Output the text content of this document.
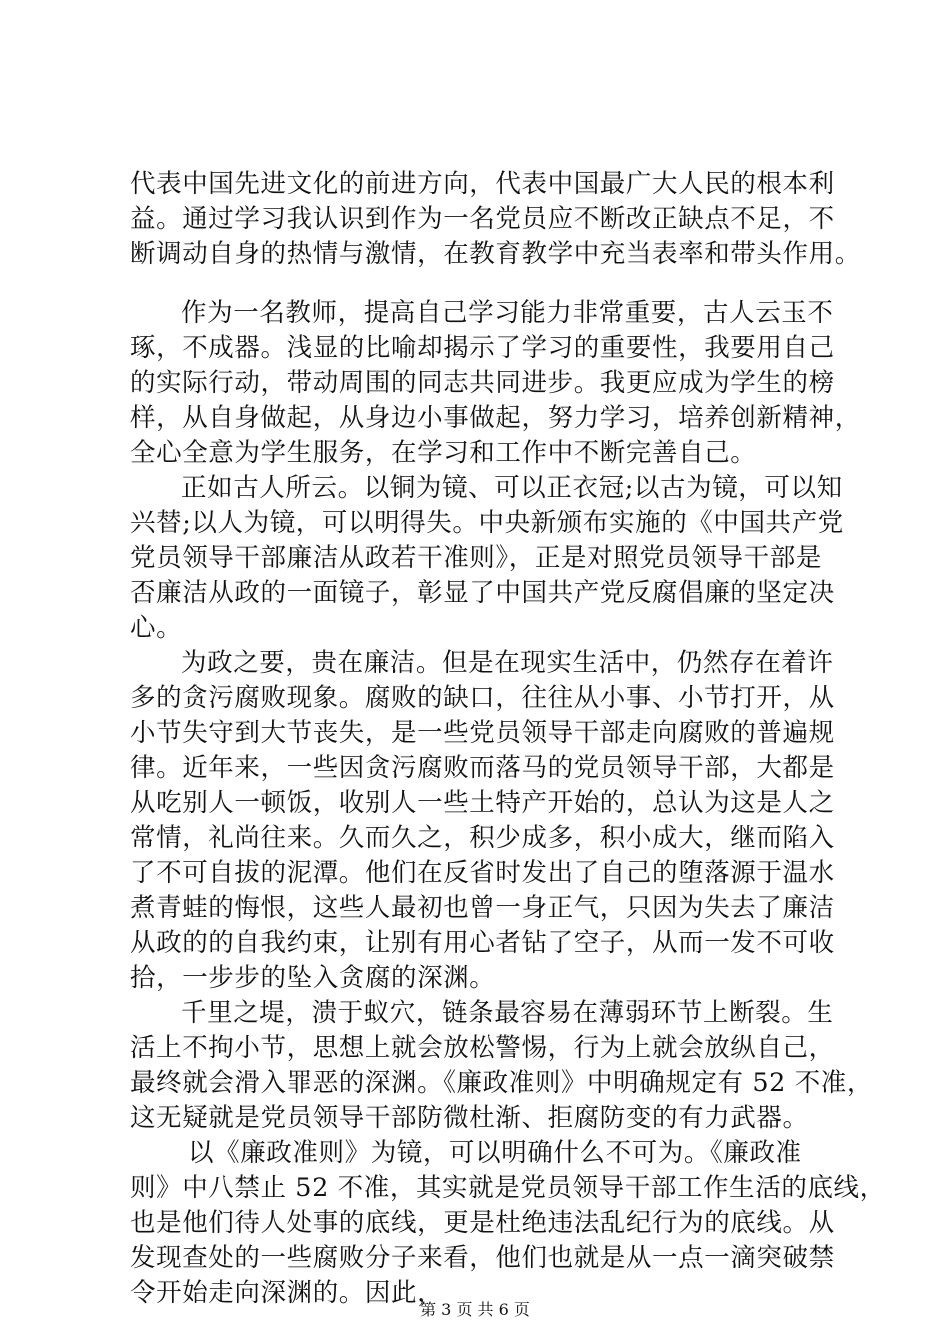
代表中国先进文化的前进方向，代表中国最广大人民的根本利
益。通过学习我认识到作为一名党员应不断改正缺点不足，不
断调动自身的热情与激情，在教育教学中充当表率和带头作用。
作为一名教师，提高自己学习能力非常重要，古人云玉不
琢，不成器。浅显的比喻却揭示了学习的重要性，我要用自己
的实际行动，带动周围的同志共同进步。我更应成为学生的榜
样，从自身做起，从身边小事做起，努力学习，培养创新精神，
全心全意为学生服务，在学习和工作中不断完善自己。
正如古人所云。以铜为镜、可以正衣冠;以古为镜，可以知
兴替;以人为镜，可以明得失。中央新颁布实施的《中国共产党
党员领导干部廉洁从政若干准则》，正是对照党员领导干部是
否廉洁从政的一面镜子，彰显了中国共产党反腐倡廉的坚定决
心。
为政之要，贵在廉洁。但是在现实生活中，仍然存在着许
多的贪污腐败现象。腐败的缺口，往往从小事、小节打开，从
小节失守到大节丧失，是一些党员领导干部走向腐败的普遍规
律。近年来，一些因贪污腐败而落马的党员领导干部，大都是
从吃别人一顿饭，收别人一些土特产开始的，总认为这是人之
常情，礼尚往来。久而久之，积少成多，积小成大，继而陷入
了不可自拔的泥潭。他们在反省时发出了自己的堕落源于温水
煮青蛙的悔恨，这些人最初也曾一身正气，只因为失去了廉洁
从政的的自我约束，让别有用心者钻了空子，从而一发不可收
拾，一步步的坠入贪腐的深渊。
千里之堤，溃于蚁穴，链条最容易在薄弱环节上断裂。生
活上不拘小节，思想上就会放松警惕，行为上就会放纵自己，
最终就会滑入罪恶的深渊。《廉政准则》中明确规定有 52 不准，
这无疑就是党员领导干部防微杜渐、拒腐防变的有力武器。
以《廉政准则》为镜，可以明确什么不可为。《廉政准
则》中八禁止 52 不准，其实就是党员领导干部工作生活的底线，
也是他们待人处事的底线，更是杜绝违法乱纪行为的底线。从
发现查处的一些腐败分子来看，他们也就是从一点一滴突破禁
令开始走向深渊的。因此，
第 3 页 共 6 页
